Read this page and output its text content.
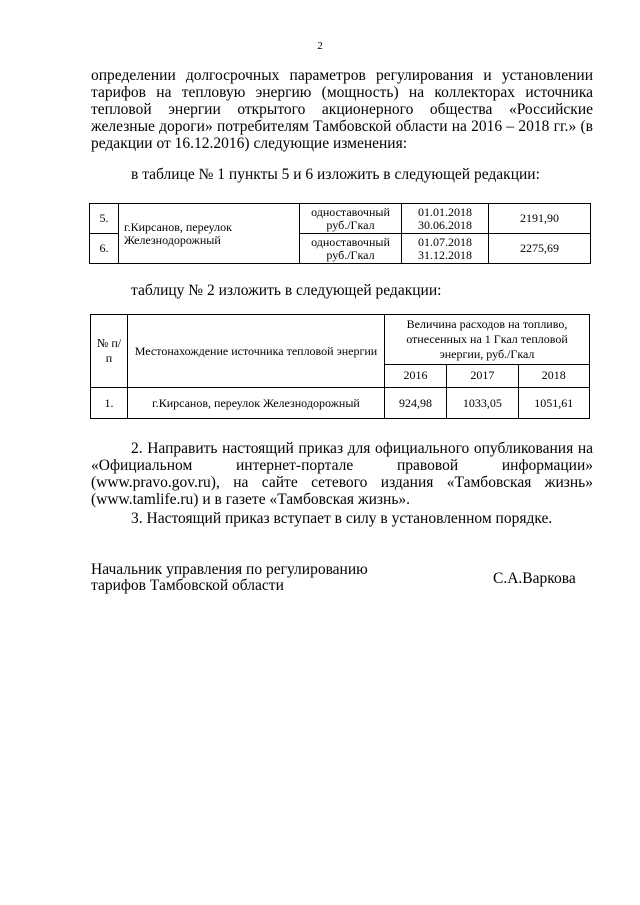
2
определении долгосрочных параметров регулирования и установлении тарифов на тепловую энергию (мощность) на коллекторах источника тепловой энергии открытого акционерного общества «Российские железные дороги» потребителям Тамбовской области на 2016 – 2018 гг.» (в редакции от 16.12.2016) следующие изменения:
в таблице № 1 пункты 5 и 6 изложить в следующей редакции:
5.	г.Кирсанов, переулок Железнодорожный	одноставочный руб./Гкал	01.01.2018
30.06.2018	2191,90
6.		одноставочный руб./Гкал	01.07.2018
31.12.2018	2275,69
таблицу № 2 изложить в следующей редакции:
№ п/п	Местонахождение источника тепловой энергии	Величина расходов на топливо, отнесенных на 1 Гкал тепловой энергии, руб./Гкал		
		2016	2017	2018
1.	г.Кирсанов, переулок Железнодорожный	924,98	1033,05	1051,61
2. Направить настоящий приказ для официального опубликования на «Официальном интернет-портале правовой информации» (www.pravo.gov.ru), на сайте сетевого издания «Тамбовская жизнь» (www.tamlife.ru) и в газете «Тамбовская жизнь».
3. Настоящий приказ вступает в силу в установленном порядке.
Начальник управления по регулированию
тарифов Тамбовской области	С.А.Варкова
